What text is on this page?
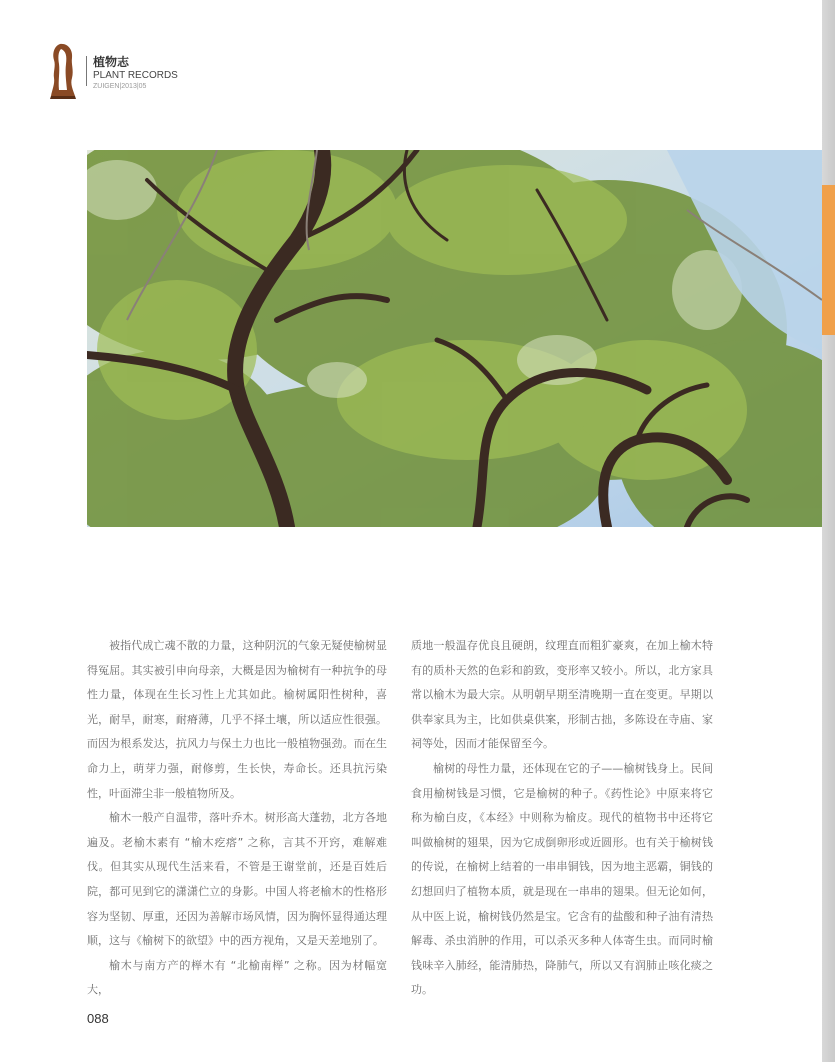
植物志
PLANT RECORDS
ZUIGEN|2013|05

被指代成亡魂不散的力量，这种阴沉的气象无疑使榆树显得冤屈。其实被引申向母亲，大概是因为榆树有一种抗争的母性力量，体现在生长习性上尤其如此。榆树属阳性树种，喜光，耐旱，耐寒，耐瘠薄，几乎不择土壤，所以适应性很强。而因为根系发达，抗风力与保土力也比一般植物强劲。而在生命力上，萌芽力强，耐修剪，生长快，寿命长。还具抗污染性，叶面滞尘非一般植物所及。

榆木一般产自温带，落叶乔木。树形高大蓬勃，北方各地遍及。老榆木素有 “榆木疙瘩” 之称，言其不开窍，难解难伐。但其实从现代生活来看，不管是王谢堂前，还是百姓后院，都可见到它的潇潇伫立的身影。中国人将老榆木的性格形容为坚韧、厚重，还因为善解市场风情，因为胸怀显得通达理顺，这与《榆树下的欲望》中的西方视角，又是天差地别了。

榆木与南方产的榉木有 “北榆南榉” 之称。因为材幅宽大，

质地一般温存优良且硬朗，纹理直而粗犷豪爽，在加上榆木特有的质朴天然的色彩和韵致，变形率又较小。所以，北方家具常以榆木为最大宗。从明朝早期至清晚期一直在变更。早期以供奉家具为主，比如供桌供案，形制古拙，多陈设在寺庙、家祠等处，因而才能保留至今。

榆树的母性力量，还体现在它的子——榆树钱身上。民间食用榆树钱是习惯，它是榆树的种子。《药性论》中原来将它称为榆白皮，《本经》中则称为榆皮。现代的植物书中还将它叫做榆树的翅果，因为它成倒卵形或近圆形。也有关于榆树钱的传说，在榆树上结着的一串串铜钱，因为地主恶霸，铜钱的幻想回归了植物本质，就是现在一串串的翅果。但无论如何，从中医上说，榆树钱仍然是宝。它含有的盐酸和种子油有清热解毒、杀虫消肿的作用，可以杀灭多种人体寄生虫。而同时榆钱味辛入肺经，能清肺热，降肺气，所以又有润肺止咳化痰之功。

088
